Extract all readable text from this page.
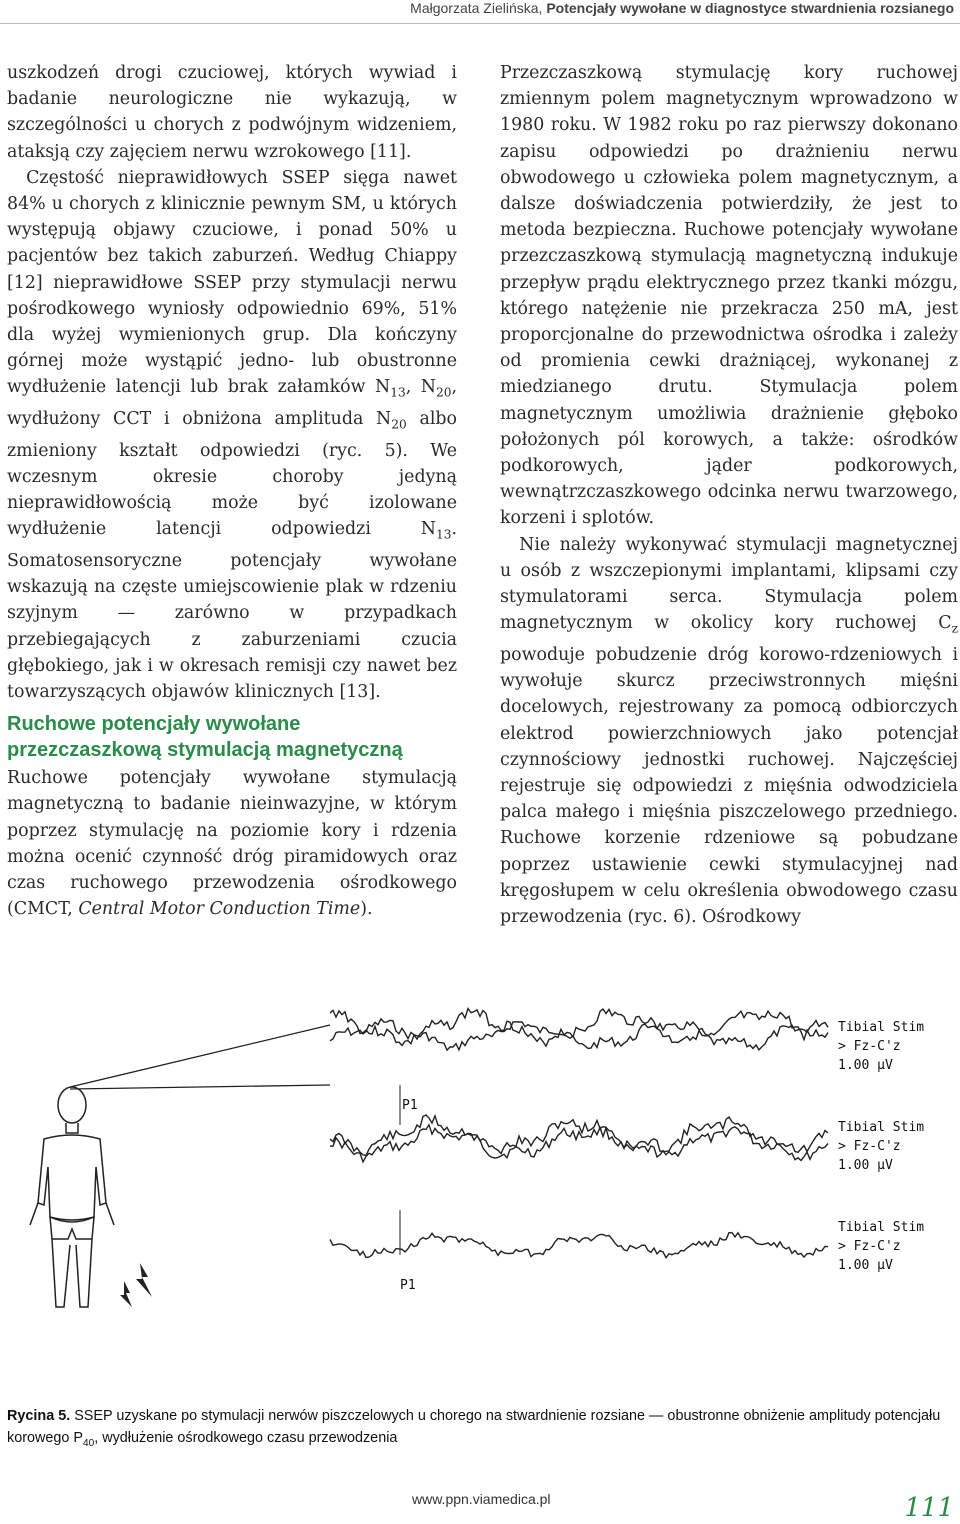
Małgorzata Zielińska, Potencjały wywołane w diagnostyce stwardnienia rozsianego

uszkodzeń drogi czuciowej, których wywiad i badanie neurologiczne nie wykazują, w szczególności u chorych z podwójnym widzeniem, ataksją czy zajęciem nerwu wzrokowego [11].

Częstość nieprawidłowych SSEP sięga nawet 84% u chorych z klinicznie pewnym SM, u których występują objawy czuciowe, i ponad 50% u pacjentów bez takich zaburzeń. Według Chiappy [12] nieprawidłowe SSEP przy stymulacji nerwu pośrodkowego wyniosły odpowiednio 69%, 51% dla wyżej wymienionych grup. Dla kończyny górnej może wystąpić jedno- lub obustronne wydłużenie latencji lub brak załamków $N_{13}$, $N_{20}$, wydłużony CCT i obniżona amplituda $N_{20}$ albo zmieniony kształt odpowiedzi (ryc. 5). We wczesnym okresie choroby jedyną nieprawidłowością może być izolowane wydłużenie latencji odpowiedzi $N_{13}$. Somatosensoryczne potencjały wywołane wskazują na częste umiejscowienie plak w rdzeniu szyjnym — zarówno w przypadkach przebiegających z zaburzeniami czucia głębokiego, jak i w okresach remisji czy nawet bez towarzyszących objawów klinicznych [13].

Ruchowe potencjały wywołane
przezczaszkową stymulacją magnetyczną

Ruchowe potencjały wywołane stymulacją magnetyczną to badanie nieinwazyjne, w którym poprzez stymulację na poziomie kory i rdzenia można ocenić czynność dróg piramidowych oraz czas ruchowego przewodzenia ośrodkowego (CMCT, Central Motor Conduction Time).

Przezczaszkową stymulację kory ruchowej zmiennym polem magnetycznym wprowadzono w 1980 roku. W 1982 roku po raz pierwszy dokonano zapisu odpowiedzi po drażnieniu nerwu obwodowego u człowieka polem magnetycznym, a dalsze doświadczenia potwierdziły, że jest to metoda bezpieczna. Ruchowe potencjały wywołane przezczaszkową stymulacją magnetyczną indukuje przepływ prądu elektrycznego przez tkanki mózgu, którego natężenie nie przekracza 250 mA, jest proporcjonalne do przewodnictwa ośrodka i zależy od promienia cewki drażniącej, wykonanej z miedzianego drutu. Stymulacja polem magnetycznym umożliwia drażnienie głęboko położonych pól korowych, a także: ośrodków podkorowych, jąder podkorowych, wewnątrzczaszkowego odcinka nerwu twarzowego, korzeni i splotów.

Nie należy wykonywać stymulacji magnetycznej u osób z wszczepionymi implantami, klipsami czy stymulatorami serca. Stymulacja polem magnetycznym w okolicy kory ruchowej $C_z$ powoduje pobudzenie dróg korowo-rdzeniowych i wywołuje skurcz przeciwstronnych mięśni docelowych, rejestrowany za pomocą odbiorczych elektrod powierzchniowych jako potencjał czynnościowy jednostki ruchowej. Najczęściej rejestruje się odpowiedzi z mięśnia odwodziciela palca małego i mięśnia piszczelowego przedniego. Ruchowe korzenie rdzeniowe są pobudzane poprzez ustawienie cewki stymulacyjnej nad kręgosłupem w celu określenia obwodowego czasu przewodzenia (ryc. 6). Ośrodkowy

P1
P1
Tibial Stim
> Fz-C'z
1.00 µV
Tibial Stim
> Fz-C'z
1.00 µV
Tibial Stim
> Fz-C'z
1.00 µV
Rycina 5. SSEP uzyskane po stymulacji nerwów piszczelowych u chorego na stwardnienie rozsiane — obustronne obniżenie amplitudy potencjału korowego $P_{40}$, wydłużenie ośrodkowego czasu przewodzenia
www.ppn.viamedica.pl	111
